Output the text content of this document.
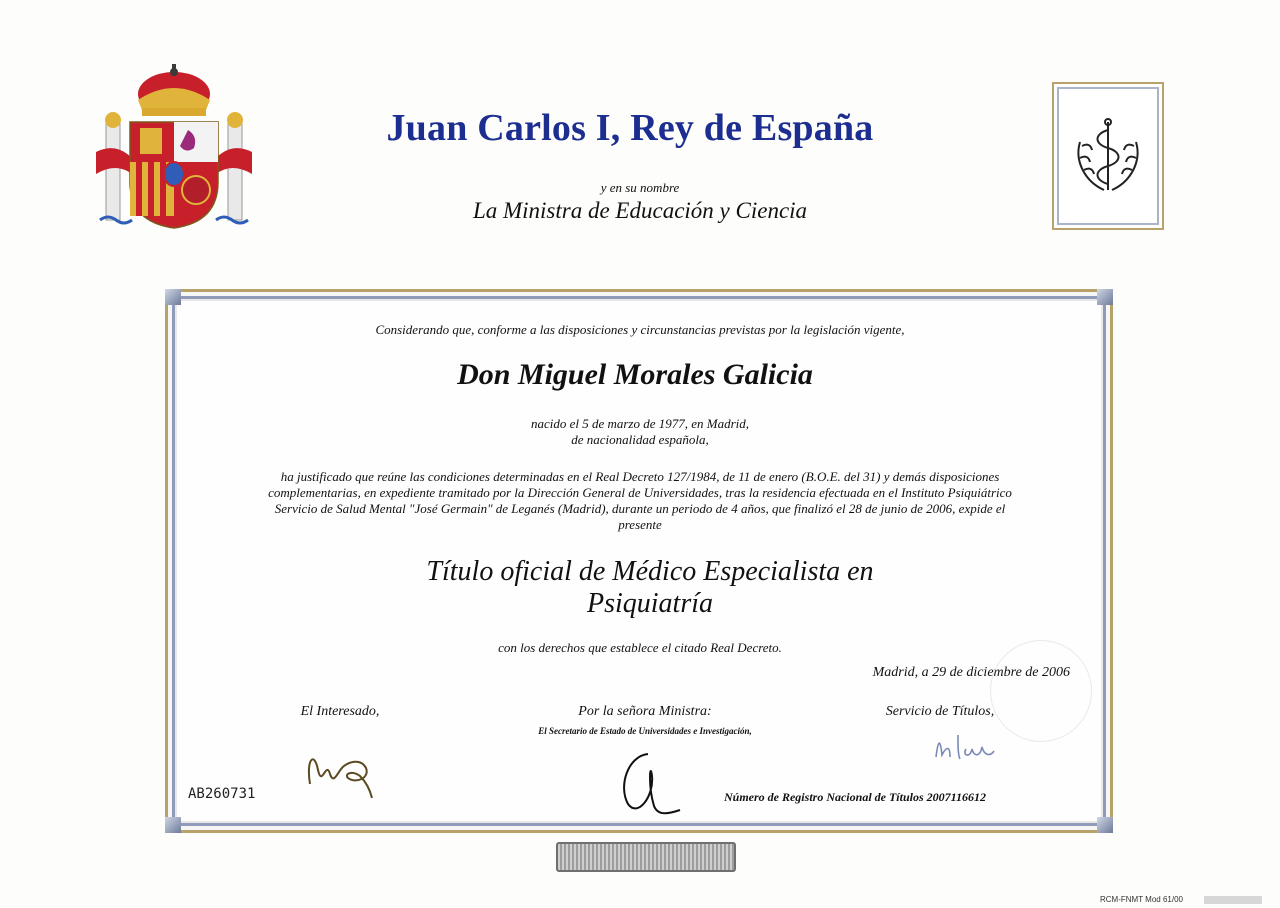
Juan Carlos I, Rey de España
y en su nombre
La Ministra de Educación y Ciencia
Considerando que, conforme a las disposiciones y circunstancias previstas por la legislación vigente,
Don Miguel Morales Galicia
nacido el 5 de marzo de 1977, en Madrid,
de nacionalidad española,
ha justificado que reúne las condiciones determinadas en el Real Decreto 127/1984, de 11 de enero (B.O.E. del 31) y demás disposiciones
complementarias, en expediente tramitado por la Dirección General de Universidades, tras la residencia efectuada en el Instituto Psiquiátrico
Servicio de Salud Mental "José Germain" de Leganés (Madrid), durante un periodo de 4 años, que finalizó el 28 de junio de 2006, expide el
presente
Título oficial de Médico Especialista en
Psiquiatría
con los derechos que establece el citado Real Decreto.
Madrid, a 29 de diciembre de 2006
El Interesado,	Por la señora Ministra:
El Secretario de Estado de Universidades e Investigación,
Servicio de Títulos,
AB260731	Número de Registro Nacional de Títulos 2007116612
RCM-FNMT Mod 61/00
